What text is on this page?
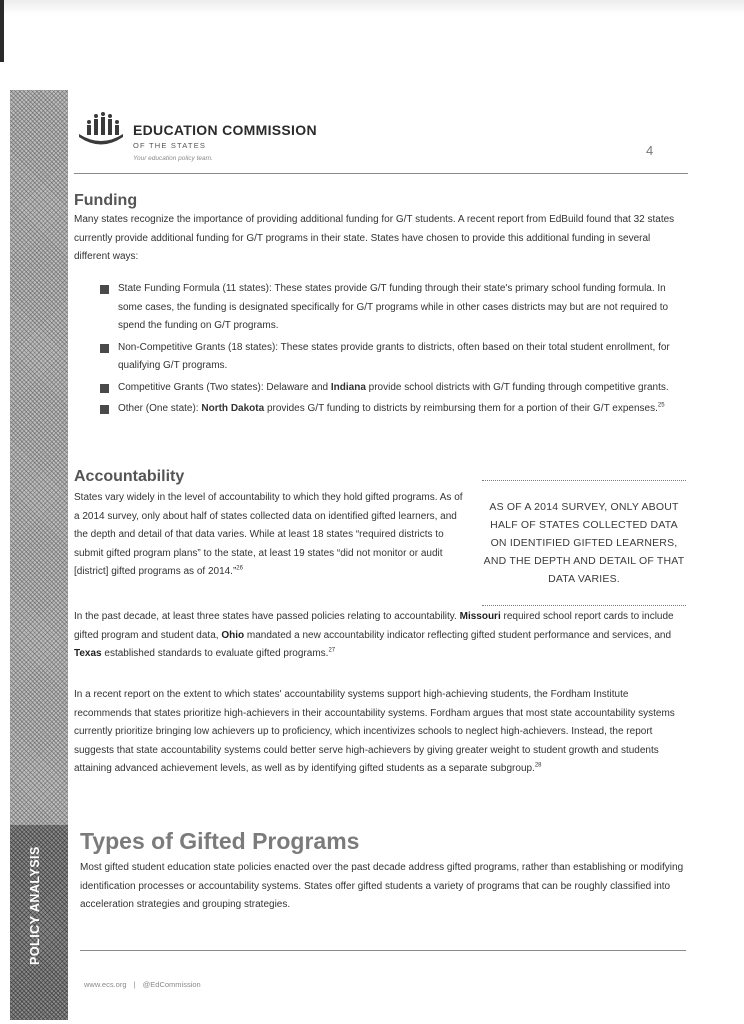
POLICY ANALYSIS
EDUCATION COMMISSION
OF THE STATES
Your education policy team.
4
Funding

Many states recognize the importance of providing additional funding for G/T students. A recent report from EdBuild found that 32 states currently provide additional funding for G/T programs in their state. States have chosen to provide this additional funding in several different ways:

State Funding Formula (11 states): These states provide G/T funding through their state's primary school funding formula. In some cases, the funding is designated specifically for G/T programs while in other cases districts may but are not required to spend the funding on G/T programs.
Non-Competitive Grants (18 states): These states provide grants to districts, often based on their total student enrollment, for qualifying G/T programs.
Competitive Grants (Two states): Delaware and Indiana provide school districts with G/T funding through competitive grants.
Other (One state): North Dakota provides G/T funding to districts by reimbursing them for a portion of their G/T expenses.$^{25}$
Accountability

States vary widely in the level of accountability to which they hold gifted programs. As of a 2014 survey, only about half of states collected data on identified gifted learners, and the depth and detail of that data varies. While at least 18 states “required districts to submit gifted program plans” to the state, at least 19 states “did not monitor or audit [district] gifted programs as of 2014.”$^{26}$

AS OF A 2014 SURVEY, ONLY ABOUT HALF OF STATES COLLECTED DATA ON IDENTIFIED GIFTED LEARNERS, AND THE DEPTH AND DETAIL OF THAT DATA VARIES.

In the past decade, at least three states have passed policies relating to accountability. Missouri required school report cards to include gifted program and student data, Ohio mandated a new accountability indicator reflecting gifted student performance and services, and Texas established standards to evaluate gifted programs.$^{27}$

In a recent report on the extent to which states' accountability systems support high-achieving students, the Fordham Institute recommends that states prioritize high-achievers in their accountability systems. Fordham argues that most state accountability systems currently prioritize bringing low achievers up to proficiency, which incentivizes schools to neglect high-achievers. Instead, the report suggests that state accountability systems could better serve high-achievers by giving greater weight to student growth and students attaining advanced achievement levels, as well as by identifying gifted students as a separate subgroup.$^{28}$

Types of Gifted Programs

Most gifted student education state policies enacted over the past decade address gifted programs, rather than establishing or modifying identification processes or accountability systems. States offer gifted students a variety of programs that can be roughly classified into acceleration strategies and grouping strategies.

www.ecs.org | @EdCommission
